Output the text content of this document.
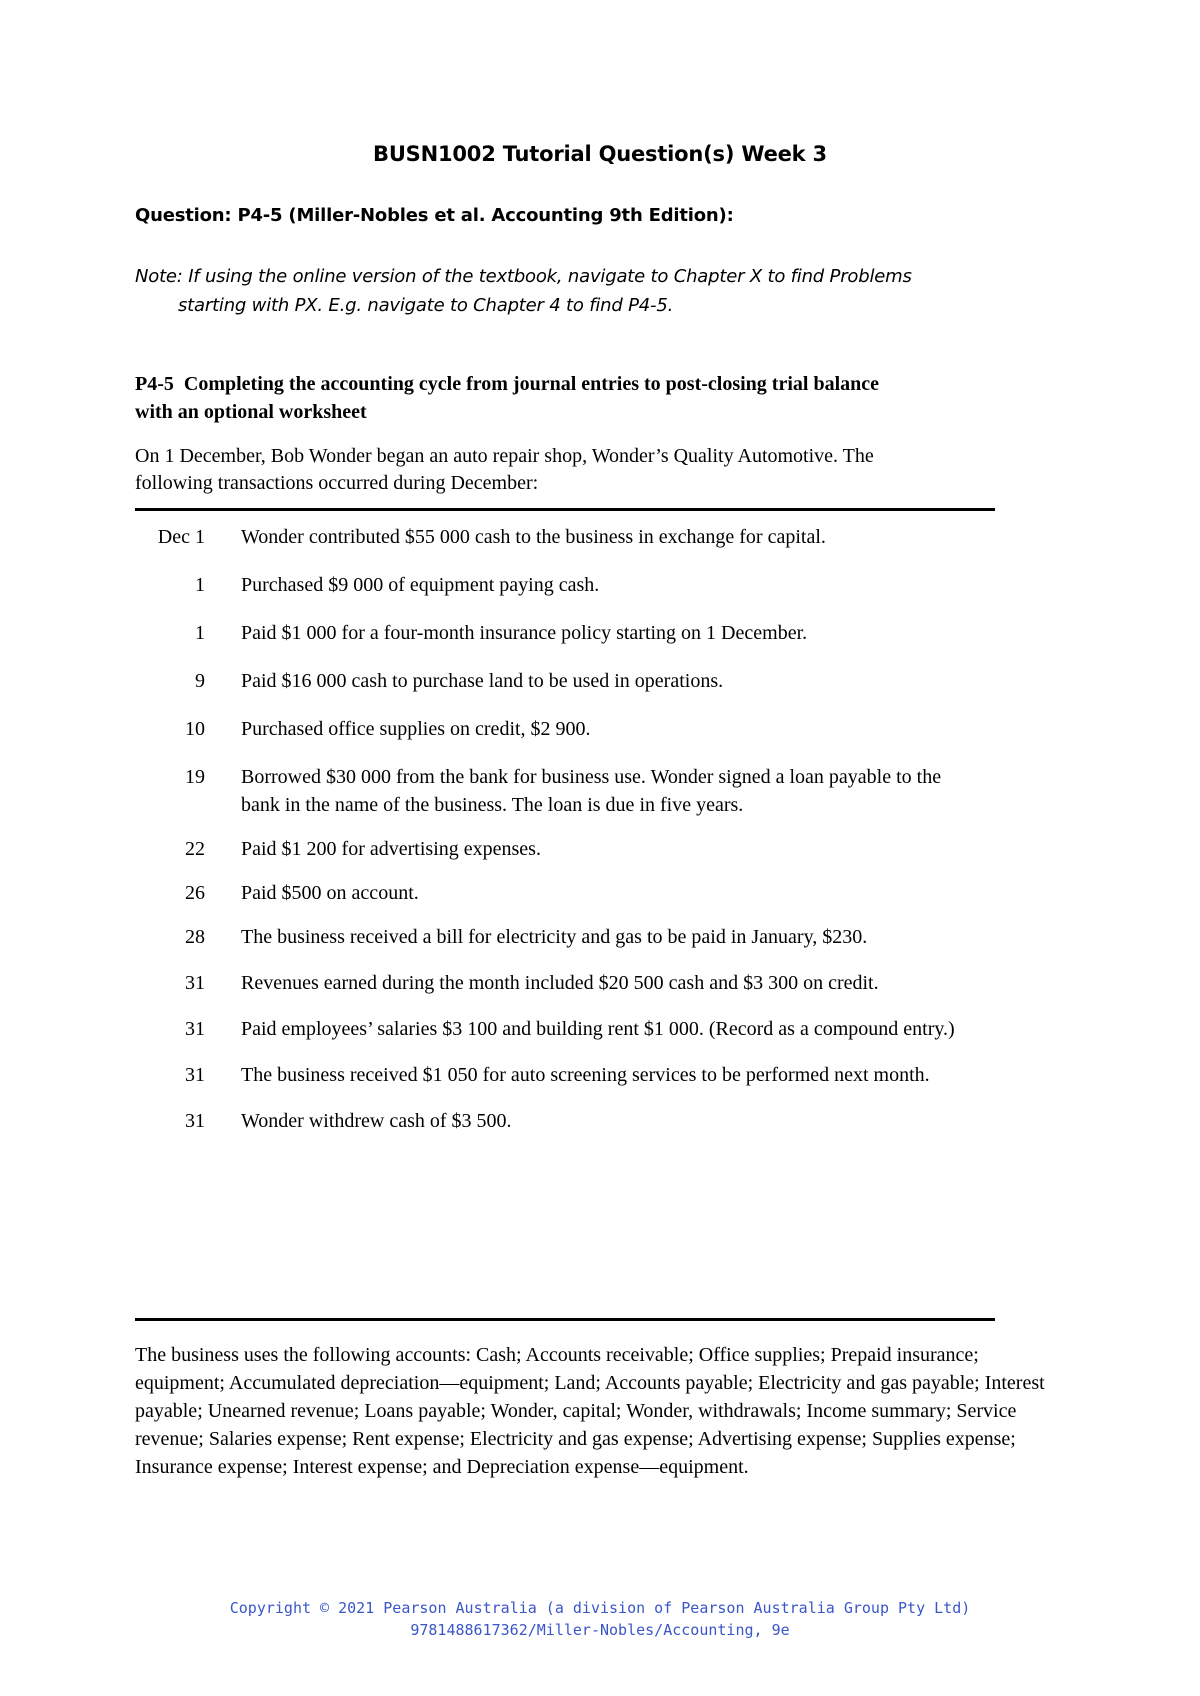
BUSN1002 Tutorial Question(s) Week 3
Question: P4-5 (Miller-Nobles et al. Accounting 9th Edition):
Note: If using the online version of the textbook, navigate to Chapter X to find Problems
starting with PX. E.g. navigate to Chapter 4 to find P4-5.
P4-5 Completing the accounting cycle from journal entries to post-closing trial balance
with an optional worksheet
On 1 December, Bob Wonder began an auto repair shop, Wonder’s Quality Automotive. The
following transactions occurred during December:
Dec 1 Wonder contributed $55 000 cash to the business in exchange for capital.
1 Purchased $9 000 of equipment paying cash.
1 Paid $1 000 for a four-month insurance policy starting on 1 December.
9 Paid $16 000 cash to purchase land to be used in operations.
10 Purchased office supplies on credit, $2 900.
19 Borrowed $30 000 from the bank for business use. Wonder signed a loan payable to the bank in the name of the business. The loan is due in five years.
22 Paid $1 200 for advertising expenses.
26 Paid $500 on account.
28 The business received a bill for electricity and gas to be paid in January, $230.
31 Revenues earned during the month included $20 500 cash and $3 300 on credit.
31 Paid employees’ salaries $3 100 and building rent $1 000. (Record as a compound entry.)
31 The business received $1 050 for auto screening services to be performed next month.
31 Wonder withdrew cash of $3 500.
The business uses the following accounts: Cash; Accounts receivable; Office supplies; Prepaid insurance; equipment; Accumulated depreciation—equipment; Land; Accounts payable; Electricity and gas payable; Interest payable; Unearned revenue; Loans payable; Wonder, capital; Wonder, withdrawals; Income summary; Service revenue; Salaries expense; Rent expense; Electricity and gas expense; Advertising expense; Supplies expense; Insurance expense; Interest expense; and Depreciation expense—equipment.
Copyright © 2021 Pearson Australia (a division of Pearson Australia Group Pty Ltd)
9781488617362/Miller-Nobles/Accounting, 9e
